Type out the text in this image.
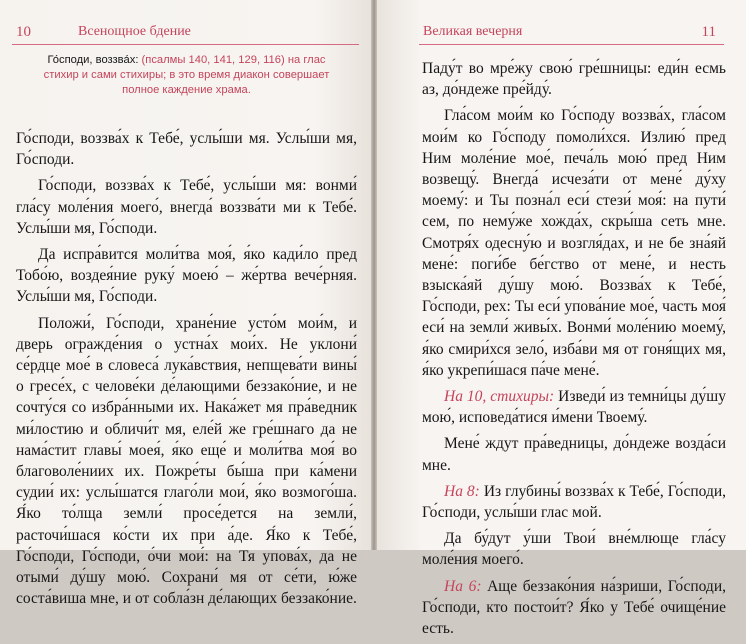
10	Всенощное бдение
Го́споди, воззва́х: (псалмы 140, 141, 129, 116) на глас стихир и сами стихиры; в это время диакон совершает полное каждение храма.

Го́споди, воззва́х к Тебе́, услы́ши мя. Услы́ши мя, Го́споди.

Го́споди, воззва́х к Тебе́, услы́ши мя: вонми́ гла́су моле́ния моего́, внегда́ воззва́ти ми к Тебе́. Услы́ши мя, Го́споди.

Да испра́вится моли́тва моя́, я́ко кади́ло пред Тобо́ю, воздея́ние руку́ моею́ – же́ртва вече́рняя. Услы́ши мя, Го́споди.

Положи́, Го́споди, хране́ние усто́м мои́м, и дверь огражде́ния о устна́х мои́х. Не уклони́ се́рдце мое́ в словеса́ лука́вствия, непщева́ти вины́ о гресе́х, с челове́ки де́лающими беззако́ние, и не сочту́ся со избра́нными их. Нака́жет мя пра́ведник ми́лостию и обличи́т мя, еле́й же гре́шнаго да не нама́стит главы́ моея́, я́ко еще́ и моли́тва моя́ во благоволе́ниих их. Пожре́ты бы́ша при ка́мени судии́ их: услы́шатся глаго́ли мои́, я́ко возмого́ша. Я́ко то́лща земли́ просе́дется на земли́, расточи́шася ко́сти их при а́де. Я́ко к Тебе́, Го́споди, Го́споди, о́чи мои́: на Тя упова́х, да не отыми́ ду́шу мою́. Сохрани́ мя от се́ти, ю́же соста́виша мне, и от собла́зн де́лающих беззако́ние.

Великая вечерня	11

Паду́т во мре́жу свою́ гре́шницы: еди́н есмь аз, до́ндеже пре́йду́.

Гла́сом мои́м ко Го́споду воззва́х, гла́сом мои́м ко Го́споду помоли́хся. Излию́ пред Ним моле́ние мое́, печа́ль мою́ пред Ним возвещу́. Внегда́ исчеза́ти от мене́ ду́ху моему́: и Ты позна́л еси́ стези́ моя́: на пути́ сем, по нему́же хожда́х, скры́ша сеть мне. Смотря́х одесну́ю и возгля́дах, и не бе зна́яй мене́: поги́бе бе́гство от мене́, и несть взыска́яй ду́шу мою́. Воззва́х к Тебе́, Го́споди, рех: Ты еси́ упова́ние мое́, часть моя́ еси́ на земли́ живы́х. Вонми́ моле́нию моему́, я́ко смири́хся зело́, изба́ви мя от гоня́щих мя, я́ко укрепи́шася па́че мене́.

На 10, стихиры: Изведи́ из темни́цы ду́шу мою́, исповеда́тися и́мени Твоему́.

Мене́ ждут пра́ведницы, до́ндеже возда́си мне.

На 8: Из глубины́ воззва́х к Тебе́, Го́споди, Го́споди, услы́ши глас мой.

Да бу́дут у́ши Твои́ вне́млюще гла́су моле́ния моего́.

На 6: Аще беззако́ния на́зриши, Го́споди, Го́споди, кто постои́т? Я́ко у Тебе́ очище́ние есть.
